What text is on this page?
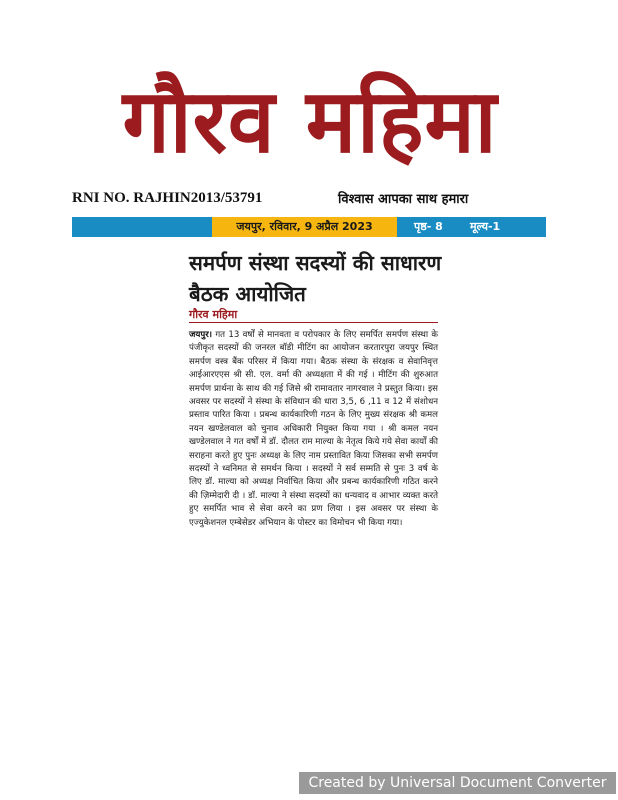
गौरव महिमा
RNI NO. RAJHIN2013/53791	विश्वास आपका साथ हमारा
जयपुर, रविवार, 9 अप्रैल 2023	पृष्ठ- 8 मूल्य-1
समर्पण संस्था सदस्यों की साधारण बैठक आयोजित
गौरव महिमा
जयपुर। गत 13 वर्षों से मानवता व परोपकार के लिए समर्पित समर्पण संस्था के पंजीकृत सदस्यों की जनरल बॉडी मीटिंग का आयोजन करतारपुरा जयपुर स्थित समर्पण वस्त्र बैंक परिसर में किया गया। बैठक संस्था के संरक्षक व सेवानिवृत्त आईआरएएस श्री सी. एल. वर्मा की अध्यक्षता में की गई । मीटिंग की शुरुआत समर्पण प्रार्थना के साथ की गई जिसे श्री रामावतार नागरवाल ने प्रस्तुत किया। इस अवसर पर सदस्यों ने संस्था के संविधान की धारा 3,5, 6 ,11 व 12 में संशोधन प्रस्ताव पारित किया । प्रबन्ध कार्यकारिणी गठन के लिए मुख्य संरक्षक श्री कमल नयन खण्डेलवाल को चुनाव अधिकारी नियुक्त किया गया । श्री कमल नयन खण्डेलवाल ने गत वर्षों में डॉ. दौलत राम माल्या के नेतृत्व किये गये सेवा कार्यों की सराहना करते हुए पुनः अध्यक्ष के लिए नाम प्रस्तावित किया जिसका सभी समर्पण सदस्यों ने ध्वनिमत से समर्थन किया । सदस्यों ने सर्व सम्मति से पुनः 3 वर्ष के लिए डॉ. माल्या को अध्यक्ष निर्वाचित किया और प्रबन्ध कार्यकारिणी गठित करने की ज़िम्मेदारी दी । डॉ. माल्या ने संस्था सदस्यों का धन्यवाद व आभार व्यक्त करते हुए समर्पित भाव से सेवा करने का प्रण लिया । इस अवसर पर संस्था के एज्युकेशनल एम्बेसेडर अभियान के पोस्टर का विमोचन भी किया गया।
Created by Universal Document Converter
